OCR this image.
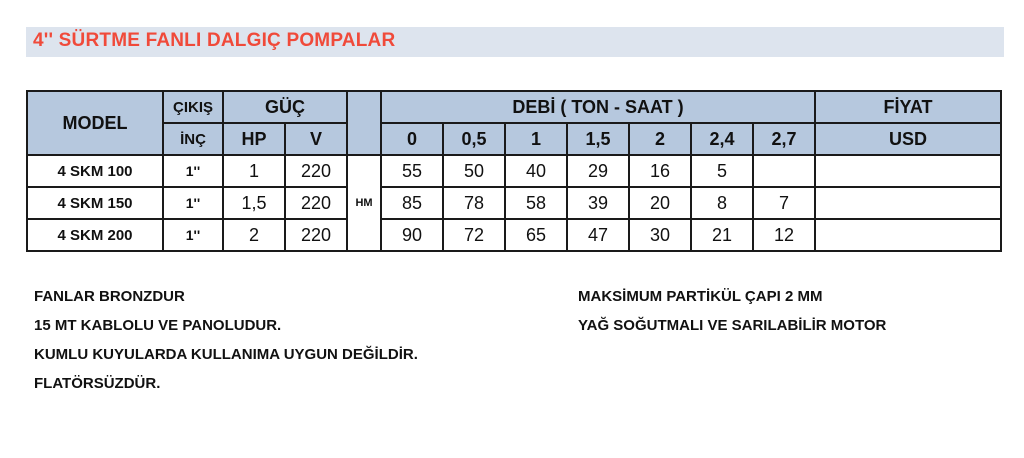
4'' SÜRTME FANLI DALGIÇ POMPALAR
MODEL	ÇIKIŞ	GÜÇ			DEBİ ( TON - SAAT )							FİYAT
	İNÇ	HP	V		0	0,5	1	1,5	2	2,4	2,7	USD
4 SKM 100	1''	1	220	HM	55	50	40	29	16	5		
4 SKM 150	1''	1,5	220		85	78	58	39	20	8	7	
4 SKM 200	1''	2	220		90	72	65	47	30	21	12	
FANLAR BRONZDUR
15 MT KABLOLU VE PANOLUDUR.
KUMLU KUYULARDA KULLANIMA UYGUN DEĞİLDİR.
FLATÖRSÜZDÜR.
MAKSİMUM PARTİKÜL ÇAPI 2 MM
YAĞ SOĞUTMALI VE SARILABİLİR MOTOR
